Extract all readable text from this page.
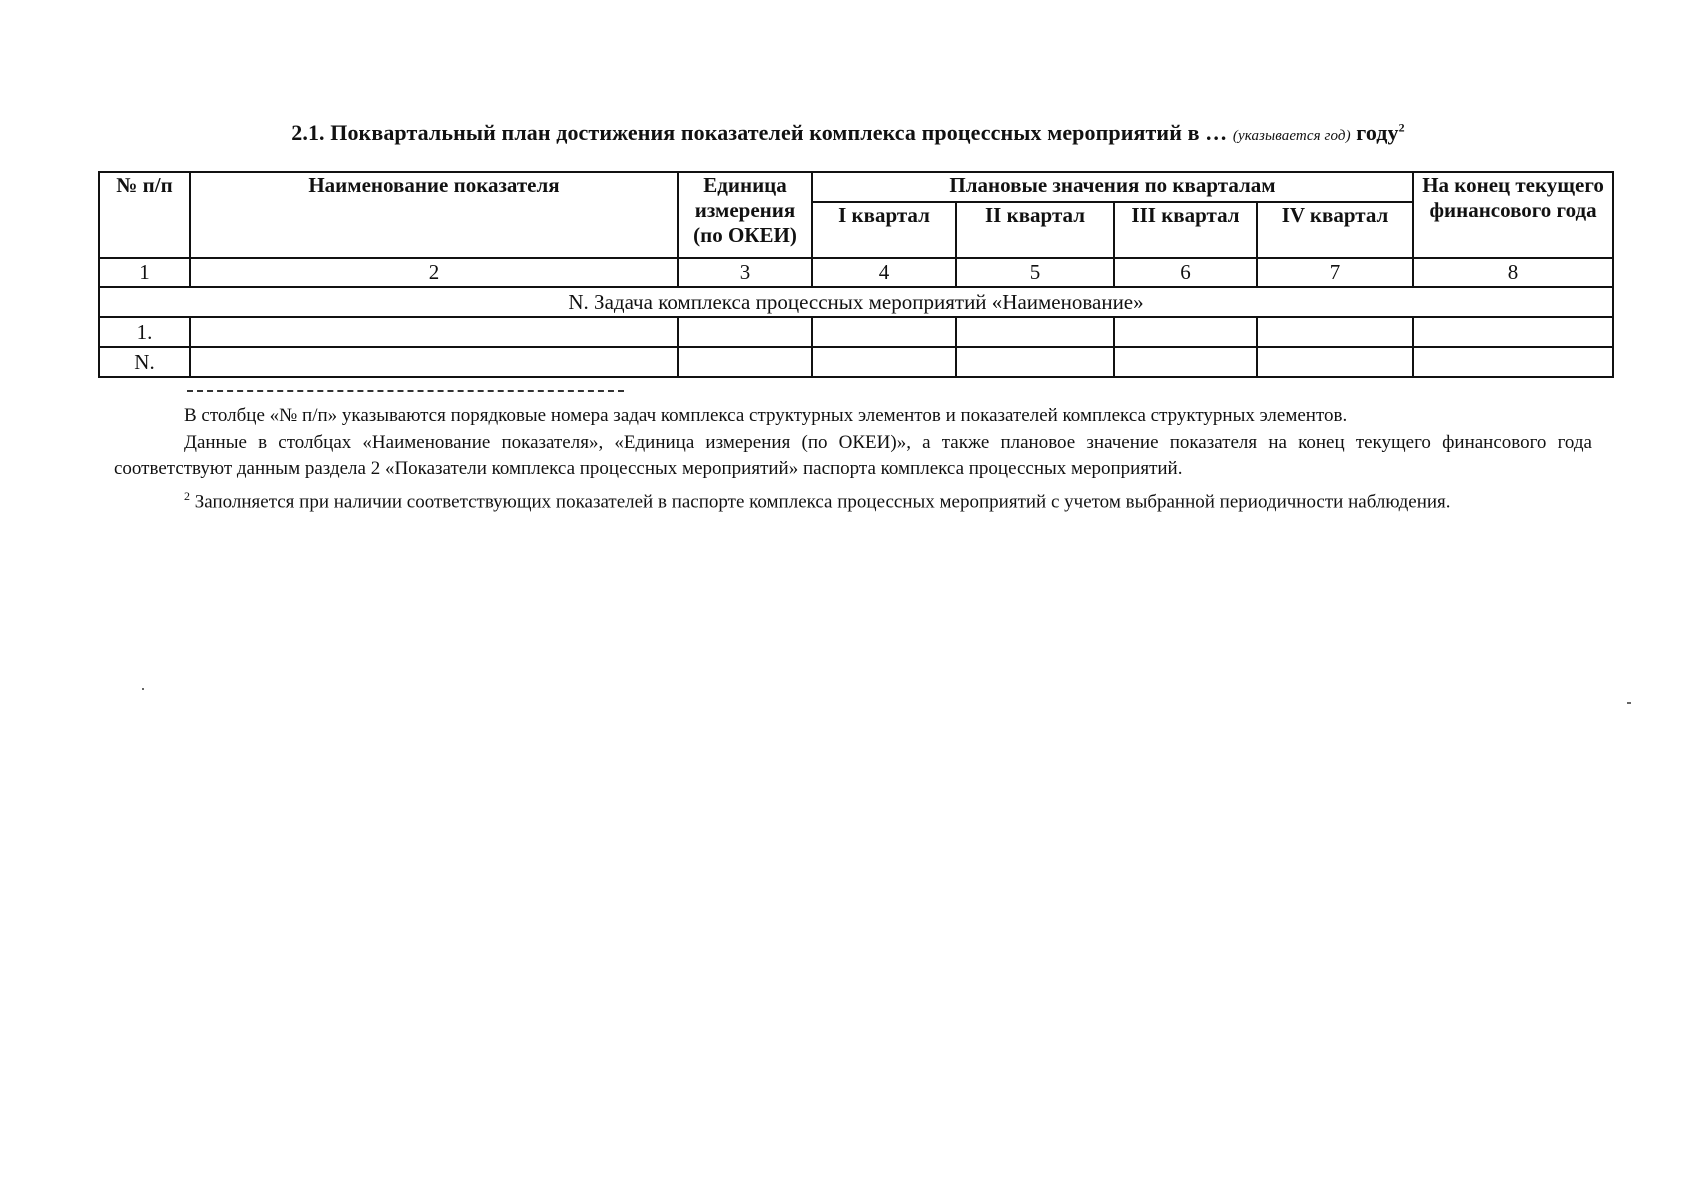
2.1. Поквартальный план достижения показателей комплекса процессных мероприятий в … (указывается год) году$^2$
№ п/п	Наименование показателя	Единица измерения (по ОКЕИ)	Плановые значения по кварталам				На конец текущего финансового года
			I квартал	II квартал	III квартал	IV квартал	
1	2	3	4	5	6	7	8
N. Задача комплекса процессных мероприятий «Наименование»							
1.							
N.							

В столбце «№ п/п» указываются порядковые номера задач комплекса структурных элементов и показателей комплекса структурных элементов.

Данные в столбцах «Наименование показателя», «Единица измерения (по ОКЕИ)», а также плановое значение показателя на конец текущего финансового года соответствуют данным раздела 2 «Показатели комплекса процессных мероприятий» паспорта комплекса процессных мероприятий.

$^2$ Заполняется при наличии соответствующих показателей в паспорте комплекса процессных мероприятий с учетом выбранной периодичности наблюдения.
